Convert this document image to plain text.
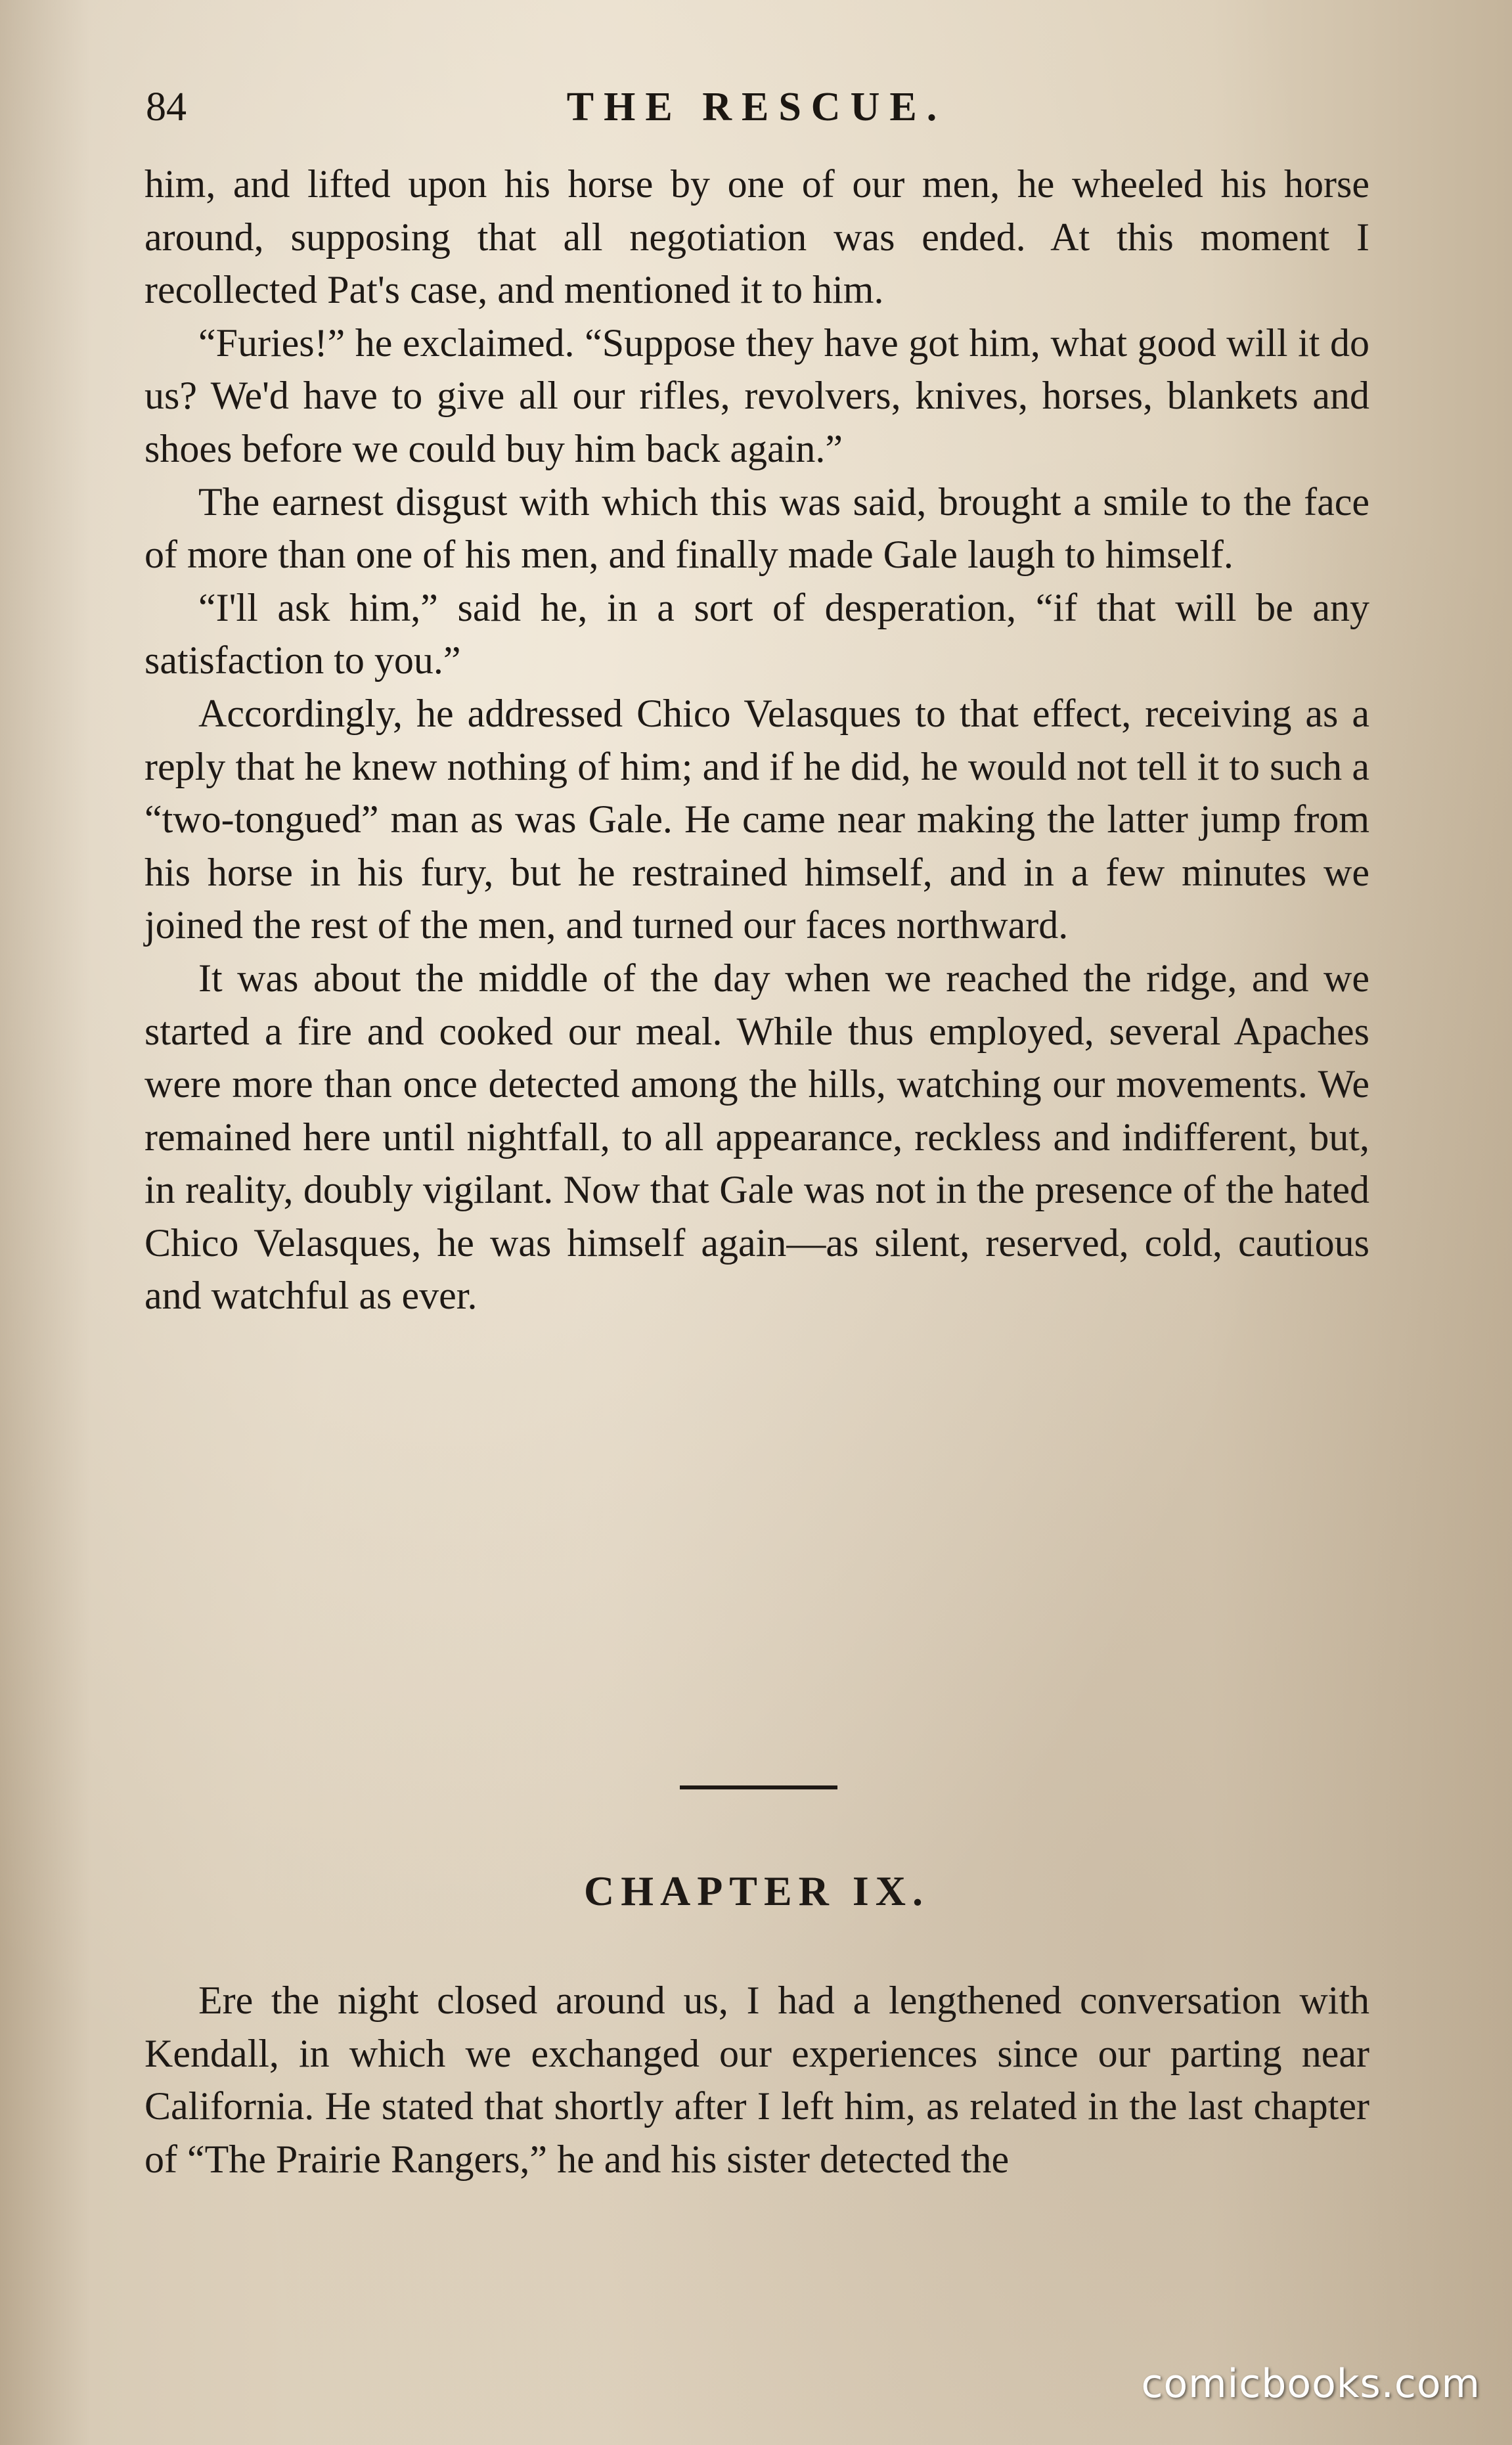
84	THE RESCUE.

him, and lifted upon his horse by one of our men, he wheeled his horse around, supposing that all negotiation was ended. At this moment I recollected Pat's case, and mentioned it to him.

“Furies!” he exclaimed. “Suppose they have got him, what good will it do us? We'd have to give all our rifles, revolvers, knives, horses, blankets and shoes before we could buy him back again.”

The earnest disgust with which this was said, brought a smile to the face of more than one of his men, and finally made Gale laugh to himself.

“I'll ask him,” said he, in a sort of desperation, “if that will be any satisfaction to you.”

Accordingly, he addressed Chico Velasques to that effect, receiving as a reply that he knew nothing of him; and if he did, he would not tell it to such a “two-tongued” man as was Gale. He came near making the latter jump from his horse in his fury, but he restrained himself, and in a few minutes we joined the rest of the men, and turned our faces northward.

It was about the middle of the day when we reached the ridge, and we started a fire and cooked our meal. While thus employed, several Apaches were more than once detected among the hills, watching our movements. We remained here until nightfall, to all appearance, reckless and indifferent, but, in reality, doubly vigilant. Now that Gale was not in the presence of the hated Chico Velasques, he was himself again—as silent, reserved, cold, cautious and watchful as ever.

CHAPTER IX.

Ere the night closed around us, I had a lengthened conversation with Kendall, in which we exchanged our experiences since our parting near California. He stated that shortly after I left him, as related in the last chapter of “The Prairie Rangers,” he and his sister detected the

comicbooks.com
